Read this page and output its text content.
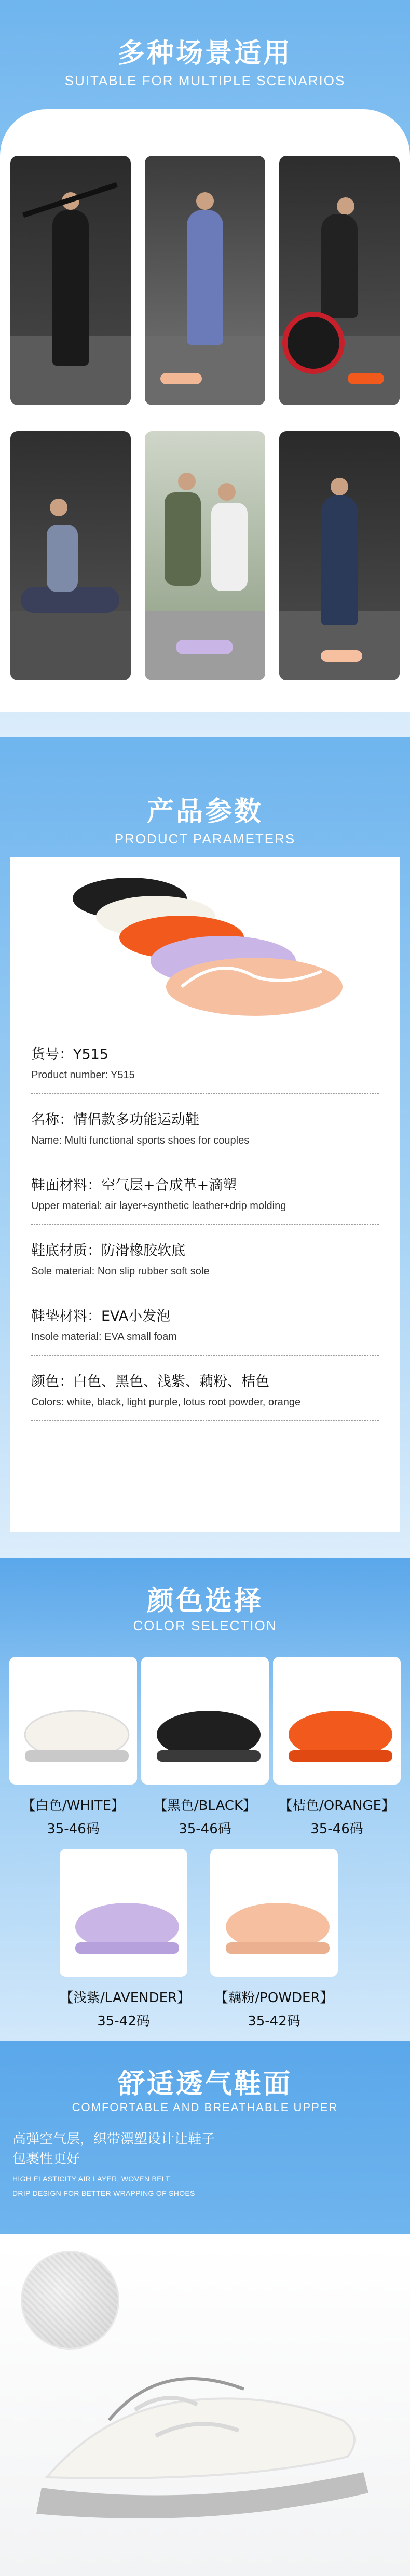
多种场景适用
SUITABLE FOR MULTIPLE SCENARIOS
产品参数
PRODUCT PARAMETERS
货号：Y515
Product number: Y515
名称：情侣款多功能运动鞋
Name: Multi functional sports shoes for couples
鞋面材料：空气层+合成革+滴塑
Upper material: air layer+synthetic leather+drip molding
鞋底材质：防滑橡胶软底
Sole material: Non slip rubber soft sole
鞋垫材料：EVA小发泡
Insole material: EVA small foam
颜色：白色、黑色、浅紫、藕粉、桔色
Colors: white, black, light purple, lotus root powder, orange
颜色选择
COLOR SELECTION
【白色/WHITE】
35-46码
【黑色/BLACK】
35-46码
【桔色/ORANGE】
35-46码
【浅紫/LAVENDER】
35-42码
【藕粉/POWDER】
35-42码
舒适透气鞋面
COMFORTABLE AND BREATHABLE UPPER
高弹空气层，织带漂塑设计让鞋子
包裹性更好
HIGH ELASTICITY AIR LAYER, WOVEN BELT
DRIP DESIGN FOR BETTER WRAPPING OF SHOES
